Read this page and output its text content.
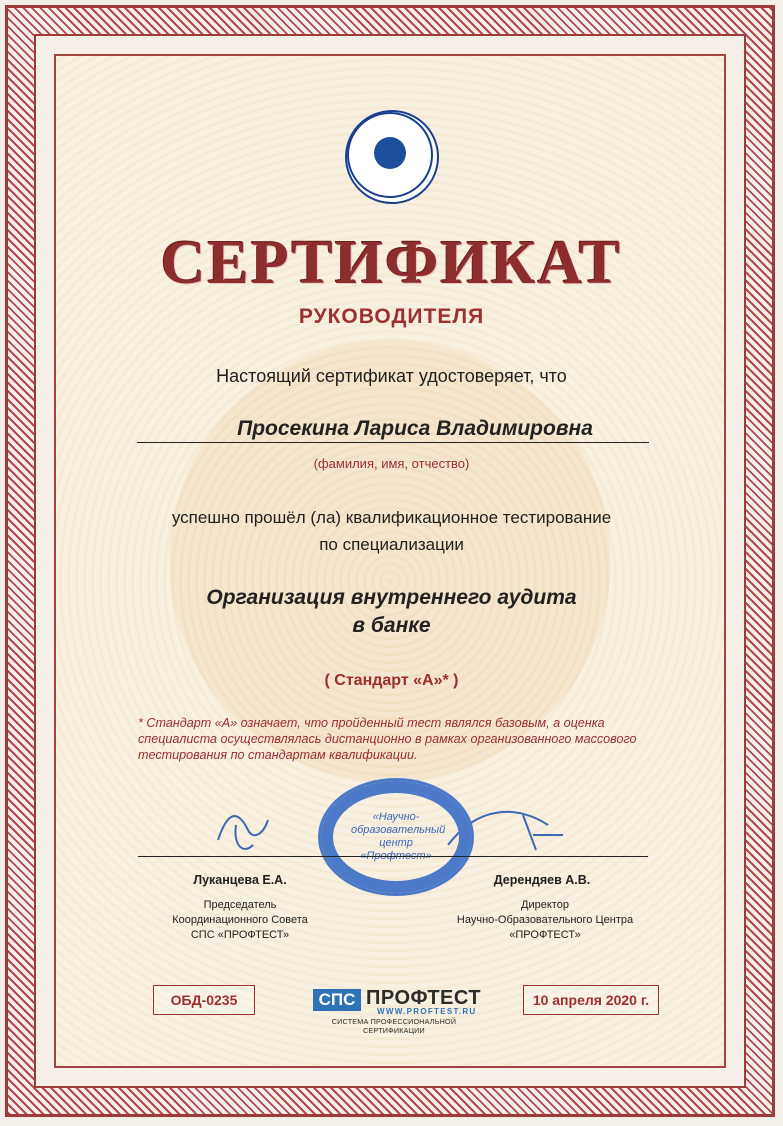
СЕРТИФИКАТ
РУКОВОДИТЕЛЯ
Настоящий сертификат удостоверяет, что
Просекина Лариса Владимировна
(фамилия, имя, отчество)
успешно прошёл (ла) квалификационное тестирование
по специализации
Организация внутреннего аудита
в банке
( Стандарт «А»* )
* Стандарт «А» означает, что пройденный тест являлся базовым, а оценка специалиста осуществлялась дистанционно в рамках организованного массового тестирования по стандартам квалификации.
«Научно-
образовательный
центр
«Профтест»
Луканцева Е.А.	Дерендяев А.В.
Председатель
Координационного Совета
СПС «ПРОФТЕСТ»
Директор
Научно-Образовательного Центра
«ПРОФТЕСТ»
ОБД-0235	СПС ПРОФТЕСТ
WWW.PROFTEST.RU
СИСТЕМА ПРОФЕССИОНАЛЬНОЙ СЕРТИФИКАЦИИ
10 апреля 2020 г.
